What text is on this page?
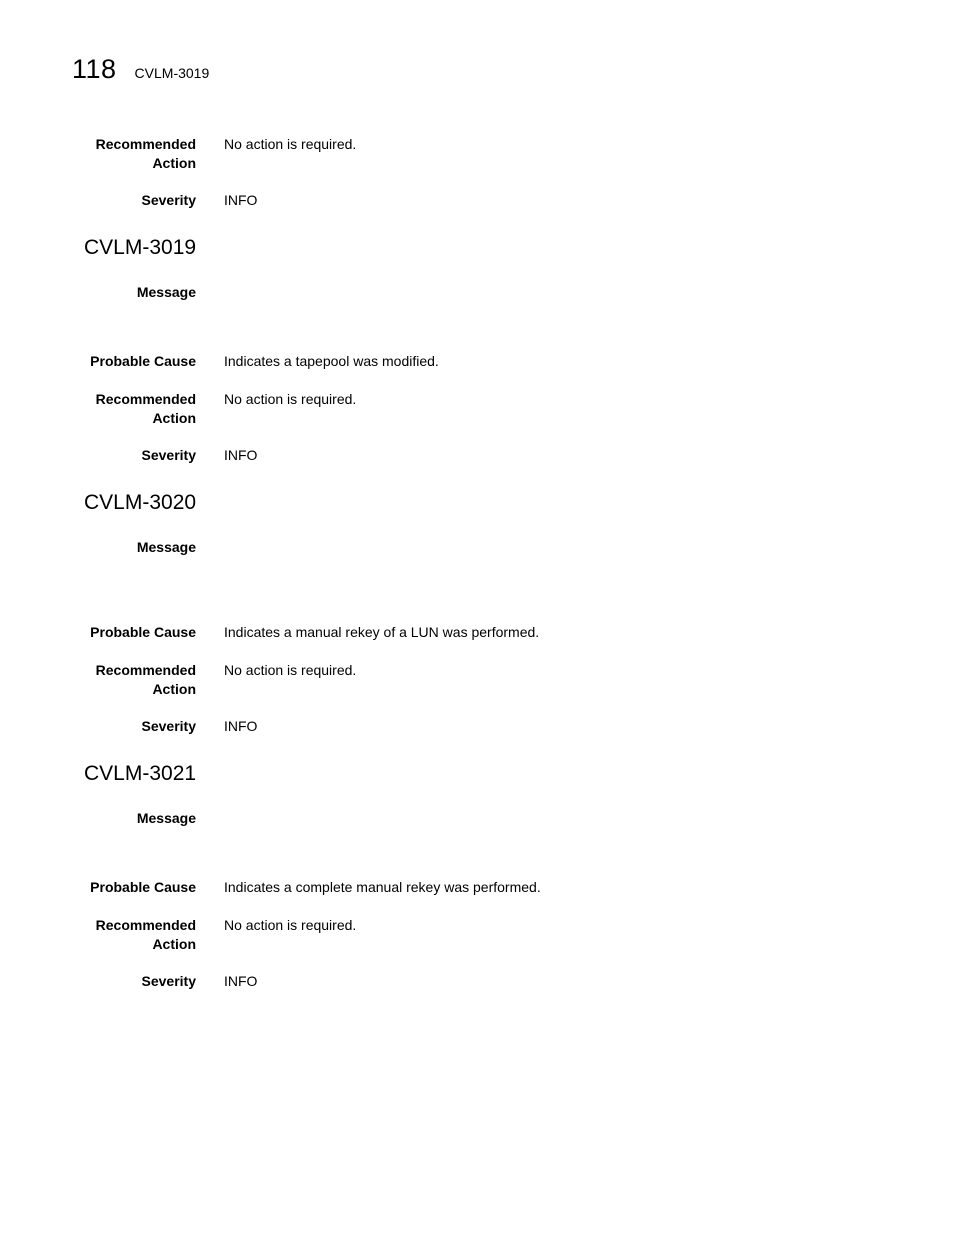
118 CVLM-3019
Recommended
Action
No action is required.
Severity INFO
CVLM-3019
Message
Probable Cause Indicates a tapepool was modified.
Recommended
Action
No action is required.
Severity INFO
CVLM-3020
Message
Probable Cause Indicates a manual rekey of a LUN was performed.
Recommended
Action
No action is required.
Severity INFO
CVLM-3021
Message
Probable Cause Indicates a complete manual rekey was performed.
Recommended
Action
No action is required.
Severity INFO
